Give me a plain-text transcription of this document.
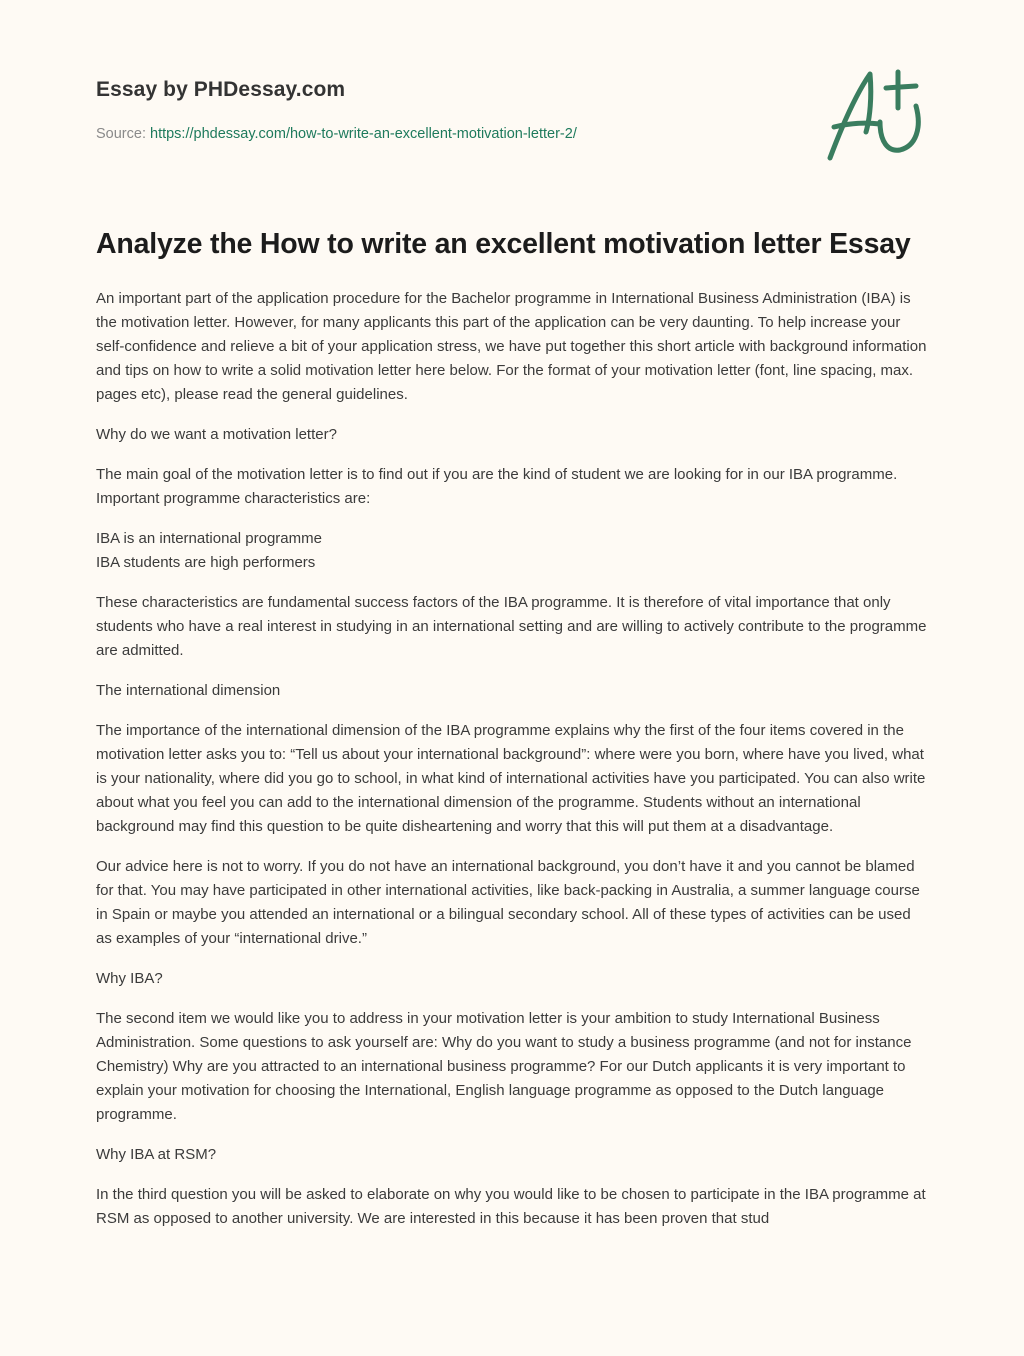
Essay by PHDessay.com
Source: https://phdessay.com/how-to-write-an-excellent-motivation-letter-2/
Analyze the How to write an excellent motivation letter Essay

An important part of the application procedure for the Bachelor programme in International Business Administration (IBA) is the motivation letter. However, for many applicants this part of the application can be very daunting. To help increase your self-confidence and relieve a bit of your application stress, we have put together this short article with background information and tips on how to write a solid motivation letter here below. For the format of your motivation letter (font, line spacing, max. pages etc), please read the general guidelines.

Why do we want a motivation letter?

The main goal of the motivation letter is to find out if you are the kind of student we are looking for in our IBA programme. Important programme characteristics are:

IBA is an international programme
IBA students are high performers

These characteristics are fundamental success factors of the IBA programme. It is therefore of vital importance that only students who have a real interest in studying in an international setting and are willing to actively contribute to the programme are admitted.

The international dimension

The importance of the international dimension of the IBA programme explains why the first of the four items covered in the motivation letter asks you to: “Tell us about your international background”: where were you born, where have you lived, what is your nationality, where did you go to school, in what kind of international activities have you participated. You can also write about what you feel you can add to the international dimension of the programme. Students without an international background may find this question to be quite disheartening and worry that this will put them at a disadvantage.

Our advice here is not to worry. If you do not have an international background, you don’t have it and you cannot be blamed for that. You may have participated in other international activities, like back-packing in Australia, a summer language course in Spain or maybe you attended an international or a bilingual secondary school. All of these types of activities can be used as examples of your “international drive.”

Why IBA?

The second item we would like you to address in your motivation letter is your ambition to study International Business Administration. Some questions to ask yourself are: Why do you want to study a business programme (and not for instance Chemistry) Why are you attracted to an international business programme? For our Dutch applicants it is very important to explain your motivation for choosing the International, English language programme as opposed to the Dutch language programme.

Why IBA at RSM?

In the third question you will be asked to elaborate on why you would like to be chosen to participate in the IBA programme at RSM as opposed to another university. We are interested in this because it has been proven that stud
